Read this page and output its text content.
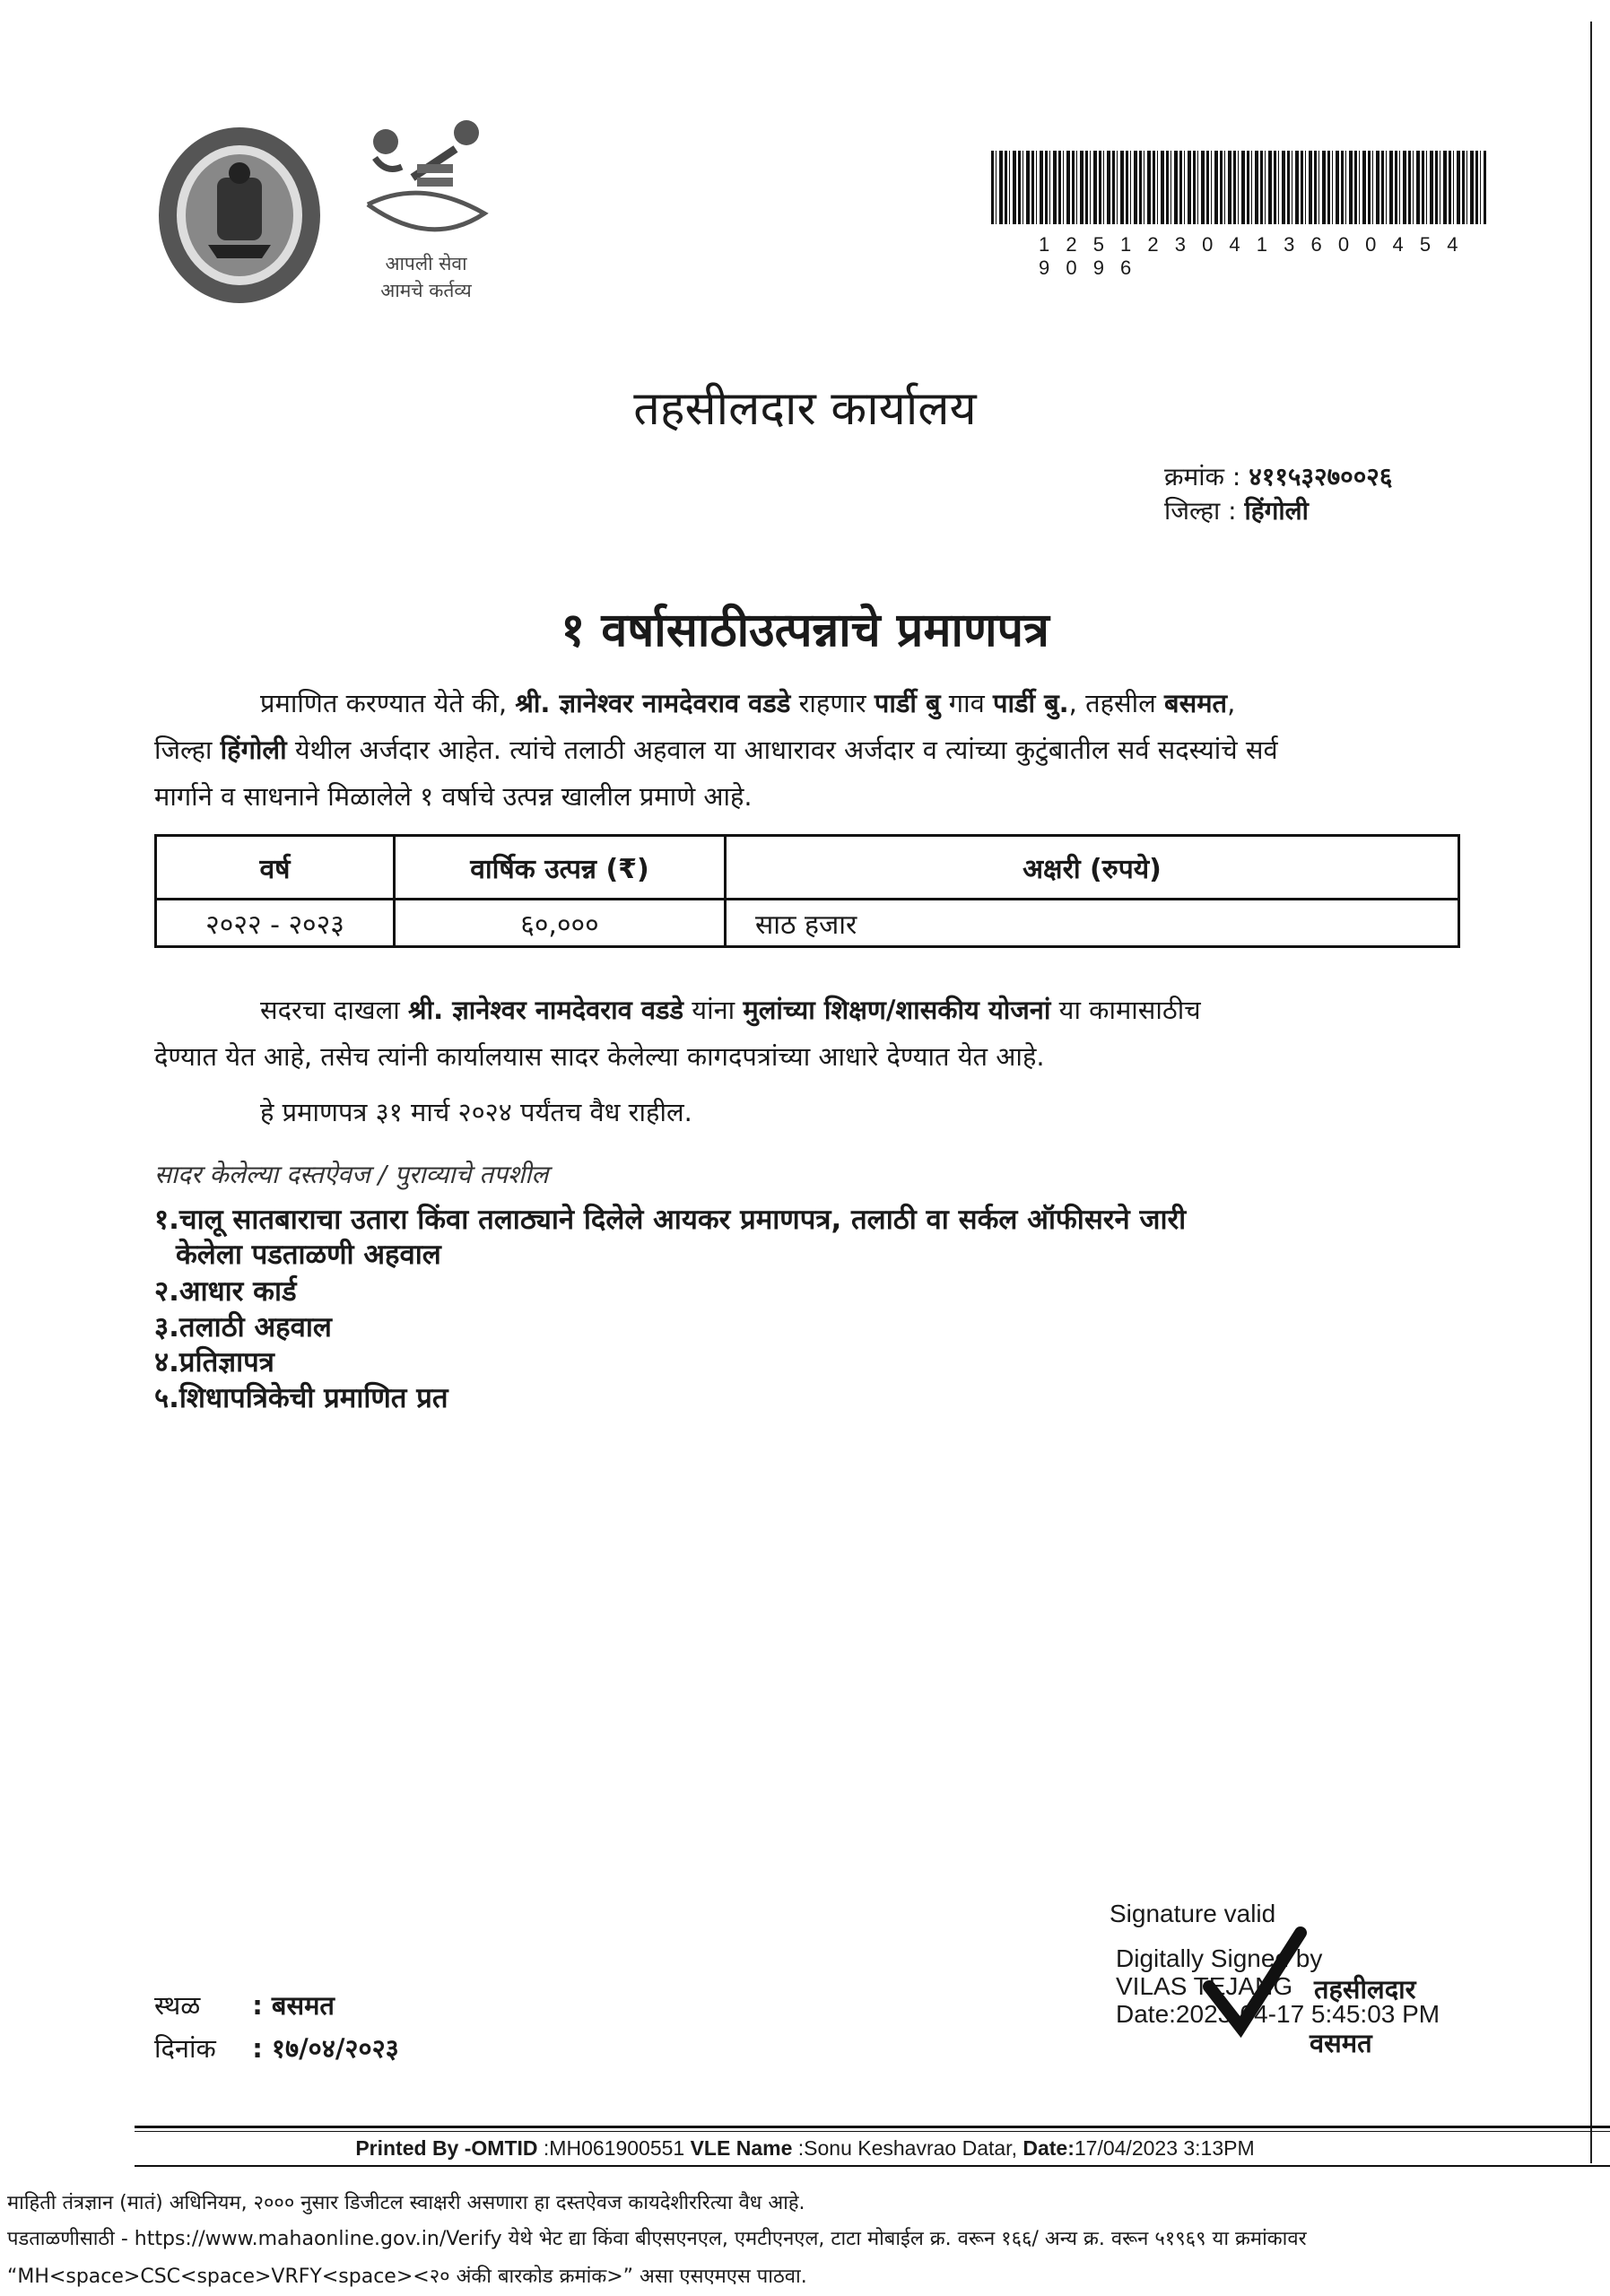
आपली सेवा
आमचे कर्तव्य
1 2 5 1 2 3 0 4 1 3 6 0 0 4 5 4 9 0 9 6
तहसीलदार कार्यालय
क्रमांक : ४११५३२७००२६
जिल्हा : हिंगोली
१ वर्षासाठीउत्पन्नाचे प्रमाणपत्र
प्रमाणित करण्यात येते की, श्री. ज्ञानेश्वर नामदेवराव वडडे राहणार पार्डी बु गाव पार्डी बु., तहसील बसमत,
जिल्हा हिंगोली येथील अर्जदार आहेत. त्यांचे तलाठी अहवाल या आधारावर अर्जदार व त्यांच्या कुटुंबातील सर्व सदस्यांचे सर्व
मार्गाने व साधनाने मिळालेले १ वर्षाचे उत्पन्न खालील प्रमाणे आहे.
वर्ष	वार्षिक उत्पन्न (₹)	अक्षरी (रुपये)
२०२२ - २०२३	६०,०००	साठ हजार
सदरचा दाखला श्री. ज्ञानेश्वर नामदेवराव वडडे यांना मुलांच्या शिक्षण/शासकीय योजनां या कामासाठीच
देण्यात येत आहे, तसेच त्यांनी कार्यालयास सादर केलेल्या कागदपत्रांच्या आधारे देण्यात येत आहे.
हे प्रमाणपत्र ३१ मार्च २०२४ पर्यंतच वैध राहील.
सादर केलेल्या दस्तऐवज / पुराव्याचे तपशील
१.चालू सातबाराचा उतारा किंवा तलाठ्याने दिलेले आयकर प्रमाणपत्र, तलाठी वा सर्कल ऑफीसरने जारी
केलेला पडताळणी अहवाल
२.आधार कार्ड
३.तलाठी अहवाल
४.प्रतिज्ञापत्र
५.शिधापत्रिकेची प्रमाणित प्रत
स्थळ : बसमत
दिनांक : १७/०४/२०२३
Signature valid
Digitally Signed by
VILAS TEJANG
Date:2023-04-17 5:45:03 PM
तहसीलदार
वसमत
Printed By -OMTID :MH061900551 VLE Name :Sonu Keshavrao Datar, Date:17/04/2023 3:13PM
माहिती तंत्रज्ञान (मातं) अधिनियम, २००० नुसार डिजीटल स्वाक्षरी असणारा हा दस्तऐवज कायदेशीररित्या वैध आहे.
पडताळणीसाठी - https://www.mahaonline.gov.in/Verify येथे भेट द्या किंवा बीएसएनएल, एमटीएनएल, टाटा मोबाईल क्र. वरून १६६/ अन्य क्र. वरून ५१९६९ या क्रमांकावर
“MH<space>CSC<space>VRFY<space><२० अंकी बारकोड क्रमांक>” असा एसएमएस पाठवा.
